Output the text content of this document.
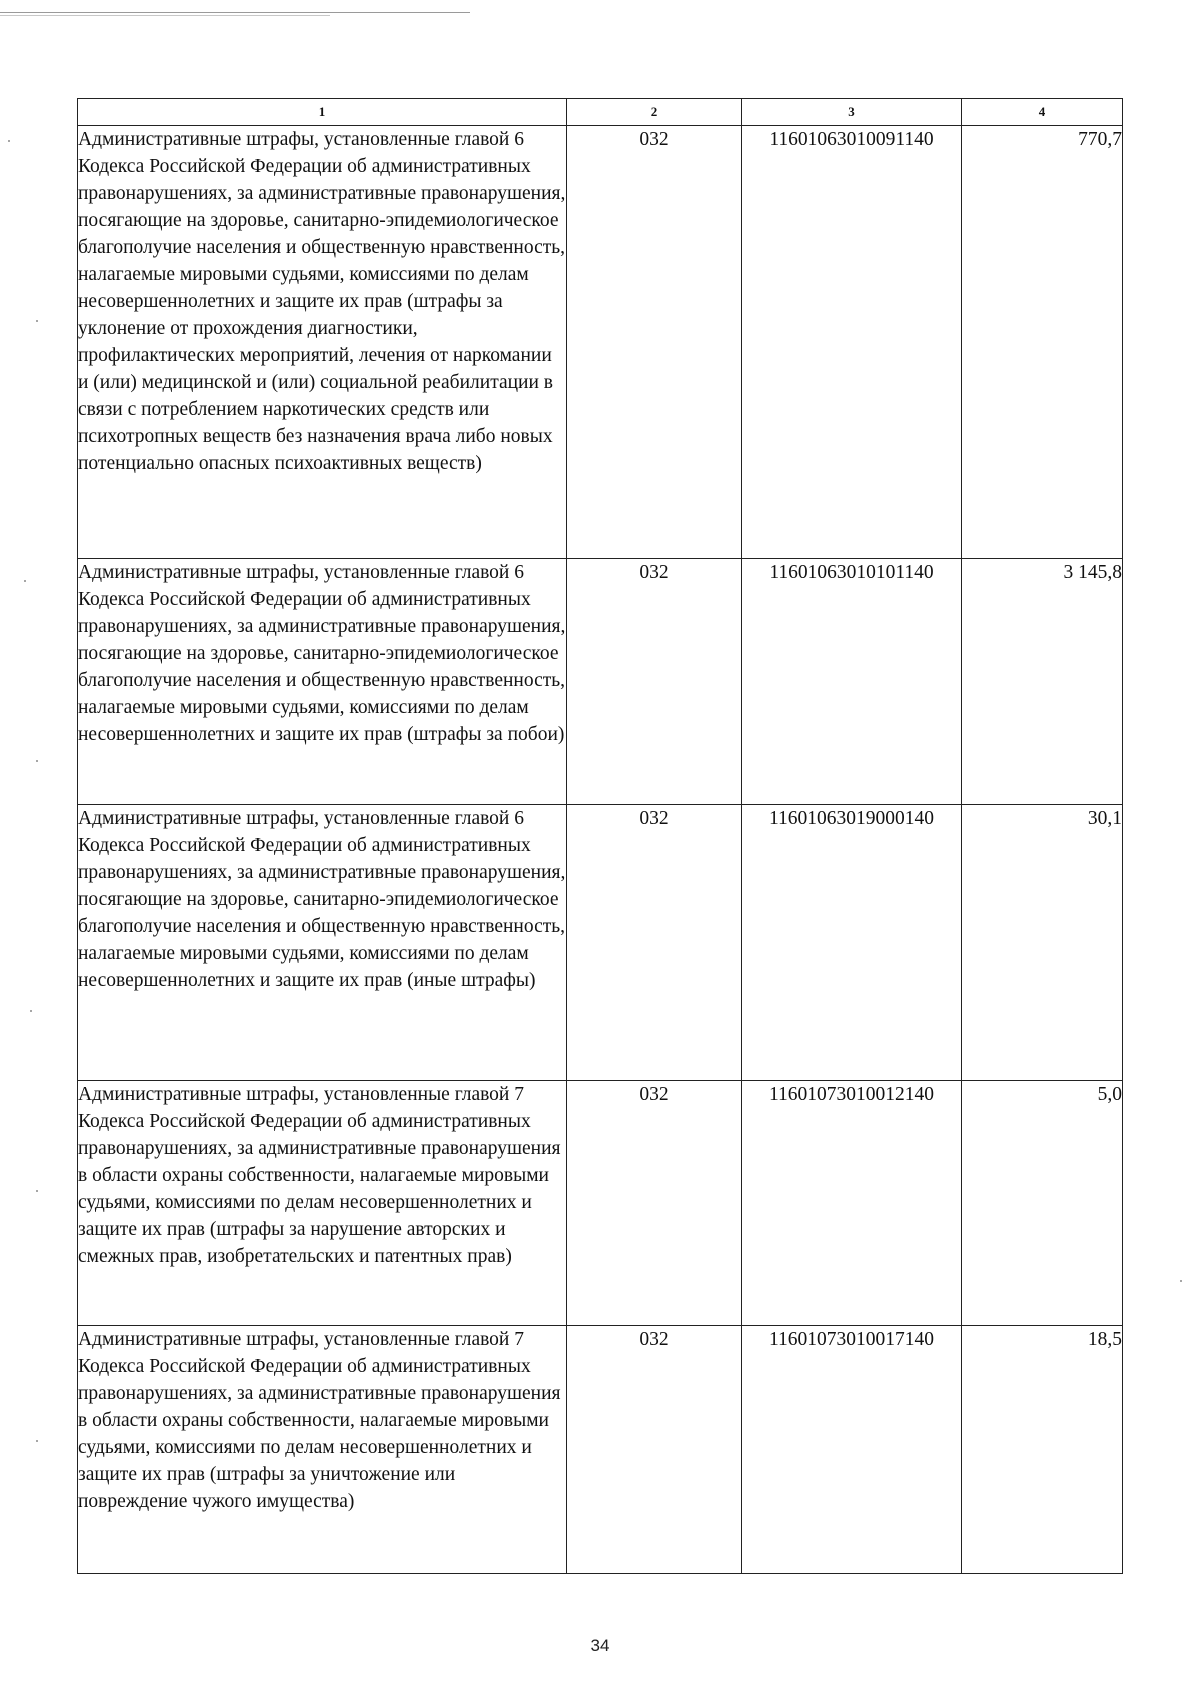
1	2	3	4
Административные штрафы, установленные главой 6 Кодекса Российской Федерации об административных правонарушениях, за административные правонарушения, посягающие на здоровье, санитарно-эпидемиологическое благополучие населения и общественную нравственность, налагаемые мировыми судьями, комиссиями по делам несовершеннолетних и защите их прав (штрафы за уклонение от прохождения диагностики, профилактических мероприятий, лечения от наркомании и (или) медицинской и (или) социальной реабилитации в связи с потреблением наркотических средств или психотропных веществ без назначения врача либо новых потенциально опасных психоактивных веществ)	032	11601063010091140	770,7
Административные штрафы, установленные главой 6 Кодекса Российской Федерации об административных правонарушениях, за административные правонарушения, посягающие на здоровье, санитарно-эпидемиологическое благополучие населения и общественную нравственность, налагаемые мировыми судьями, комиссиями по делам несовершеннолетних и защите их прав (штрафы за побои)	032	11601063010101140	3 145,8
Административные штрафы, установленные главой 6 Кодекса Российской Федерации об административных правонарушениях, за административные правонарушения, посягающие на здоровье, санитарно-эпидемиологическое благополучие населения и общественную нравственность, налагаемые мировыми судьями, комиссиями по делам несовершеннолетних и защите их прав (иные штрафы)	032	11601063019000140	30,1
Административные штрафы, установленные главой 7 Кодекса Российской Федерации об административных правонарушениях, за административные правонарушения в области охраны собственности, налагаемые мировыми судьями, комиссиями по делам несовершеннолетних и защите их прав (штрафы за нарушение авторских и смежных прав, изобретательских и патентных прав)	032	11601073010012140	5,0
Административные штрафы, установленные главой 7 Кодекса Российской Федерации об административных правонарушениях, за административные правонарушения в области охраны собственности, налагаемые мировыми судьями, комиссиями по делам несовершеннолетних и защите их прав (штрафы за уничтожение или повреждение чужого имущества)	032	11601073010017140	18,5
34
